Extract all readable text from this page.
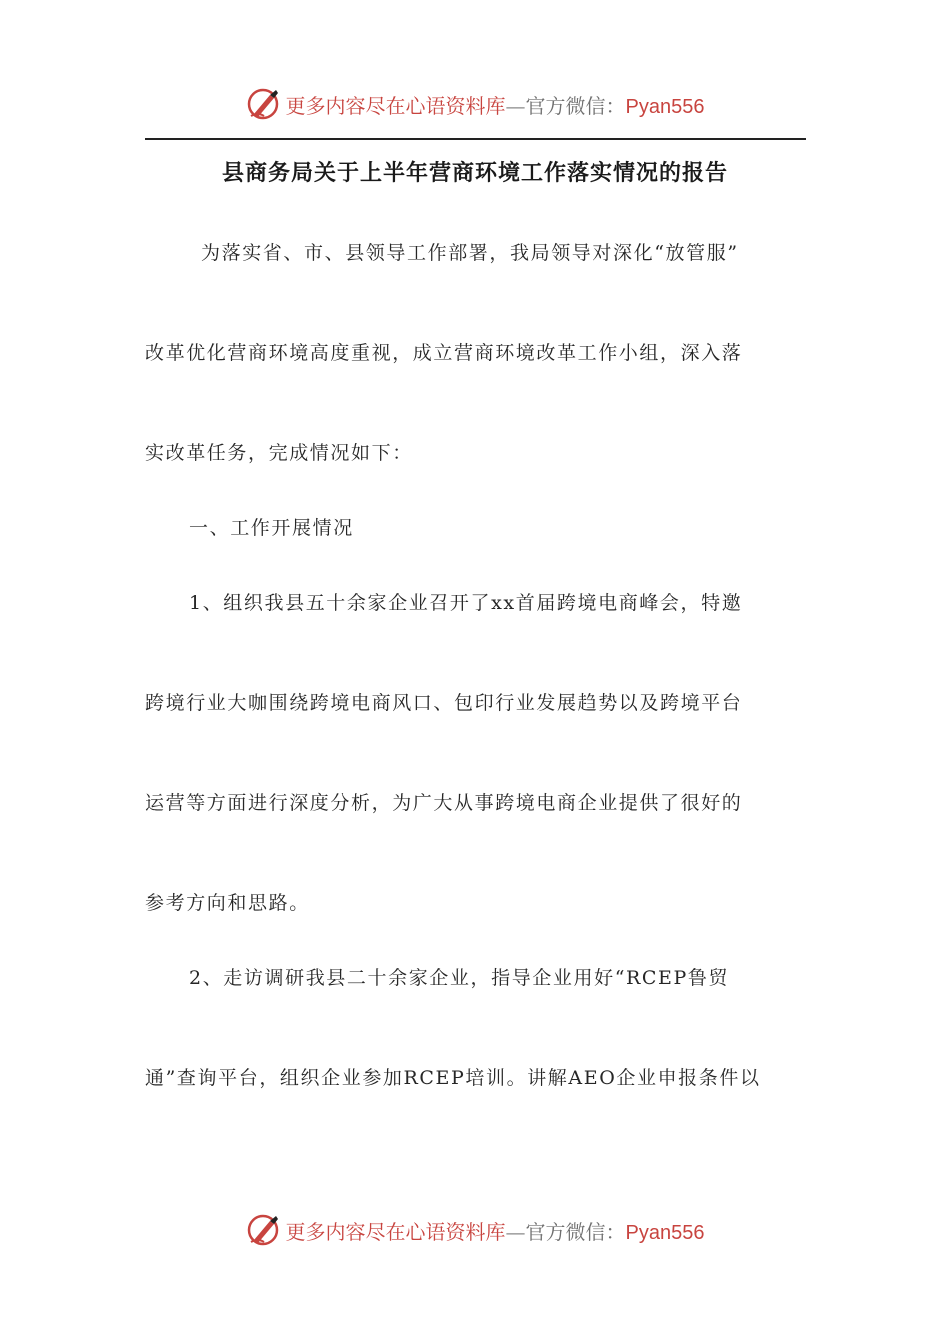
更多内容尽在心语资料库—官方微信：Pyan556
县商务局关于上半年营商环境工作落实情况的报告
为落实省、市、县领导工作部署，我局领导对深化“放管服”
改革优化营商环境高度重视，成立营商环境改革工作小组，深入落
实改革任务，完成情况如下：
一、工作开展情况
1、组织我县五十余家企业召开了xx首届跨境电商峰会，特邀
跨境行业大咖围绕跨境电商风口、包印行业发展趋势以及跨境平台
运营等方面进行深度分析，为广大从事跨境电商企业提供了很好的
参考方向和思路。
2、走访调研我县二十余家企业，指导企业用好“RCEP鲁贸
通”查询平台，组织企业参加RCEP培训。讲解AEO企业申报条件以
更多内容尽在心语资料库—官方微信：Pyan556
